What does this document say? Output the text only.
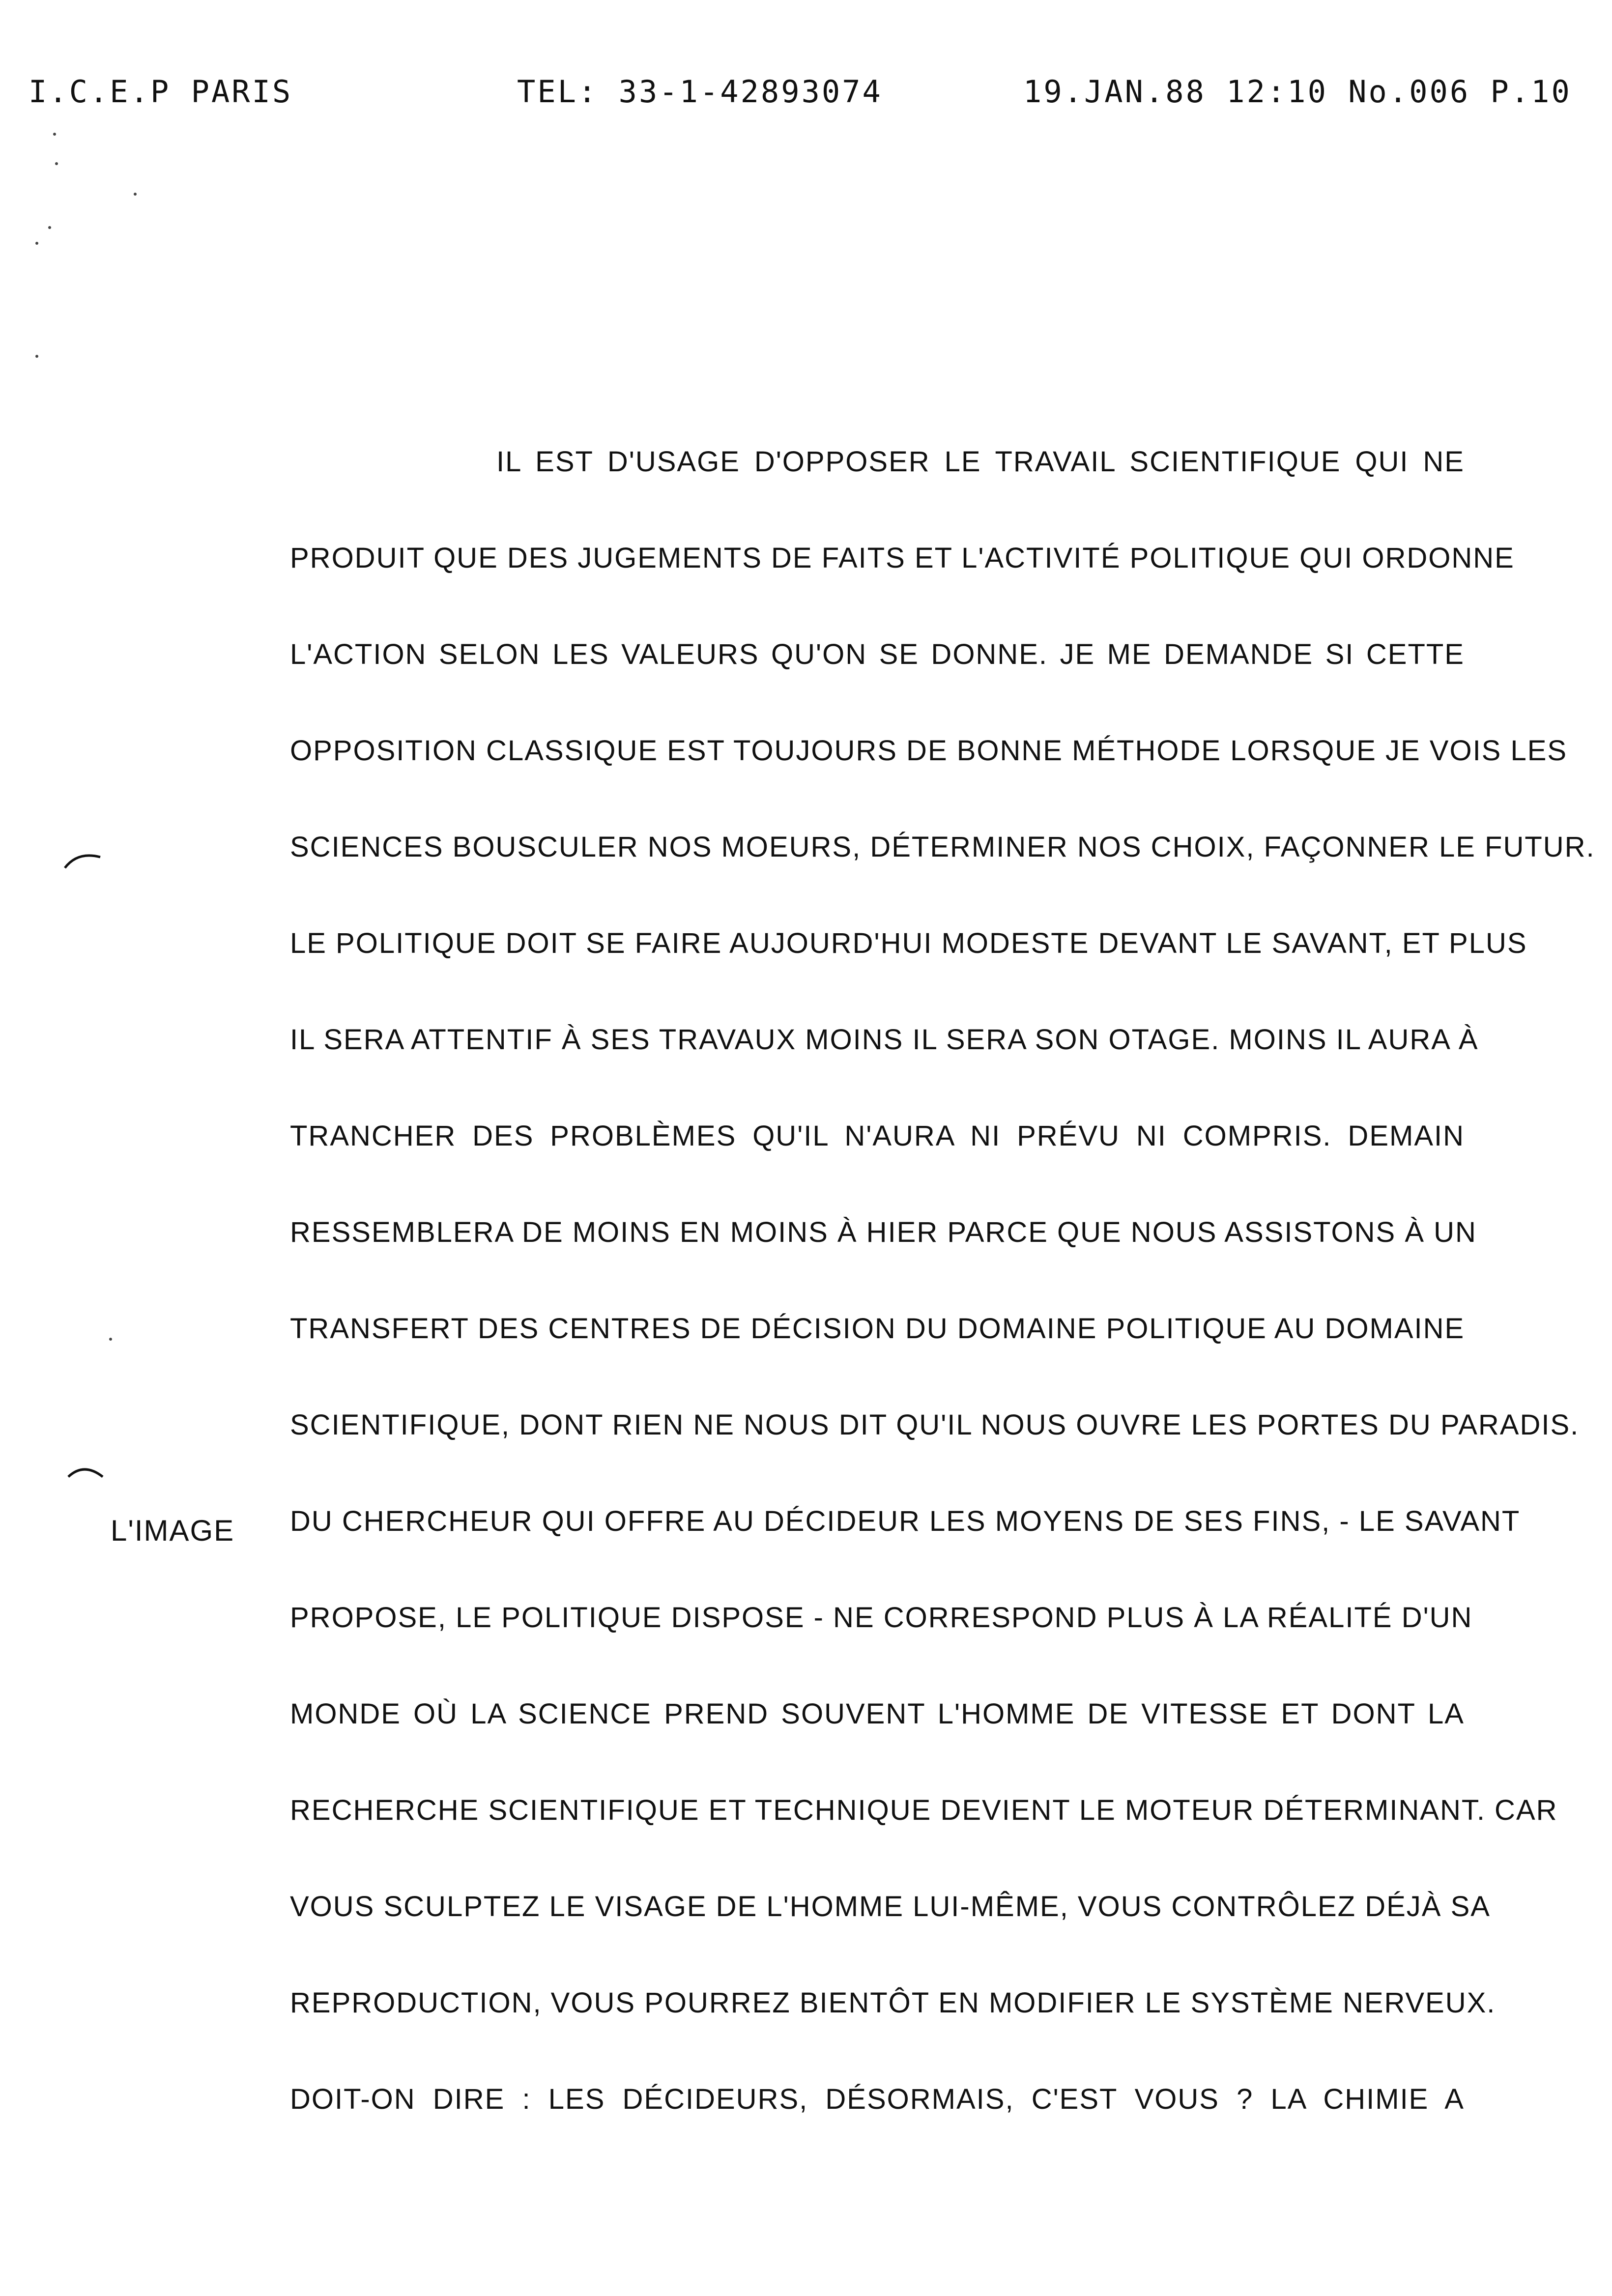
I.C.E.P PARIS	TEL: 33-1-42893074	19.JAN.88 12:10 No.006 P.10
L'IMAGE
IL EST D'USAGE D'OPPOSER LE TRAVAIL SCIENTIFIQUE QUI NE
PRODUIT QUE DES JUGEMENTS DE FAITS ET L'ACTIVITÉ POLITIQUE QUI ORDONNE
L'ACTION SELON LES VALEURS QU'ON SE DONNE. JE ME DEMANDE SI CETTE
OPPOSITION CLASSIQUE EST TOUJOURS DE BONNE MÉTHODE LORSQUE JE VOIS LES
SCIENCES BOUSCULER NOS MOEURS, DÉTERMINER NOS CHOIX, FAÇONNER LE FUTUR.
LE POLITIQUE DOIT SE FAIRE AUJOURD'HUI MODESTE DEVANT LE SAVANT, ET PLUS
IL SERA ATTENTIF À SES TRAVAUX MOINS IL SERA SON OTAGE. MOINS IL AURA À
TRANCHER DES PROBLÈMES QU'IL N'AURA NI PRÉVU NI COMPRIS. DEMAIN
RESSEMBLERA DE MOINS EN MOINS À HIER PARCE QUE NOUS ASSISTONS À UN
TRANSFERT DES CENTRES DE DÉCISION DU DOMAINE POLITIQUE AU DOMAINE
SCIENTIFIQUE, DONT RIEN NE NOUS DIT QU'IL NOUS OUVRE LES PORTES DU PARADIS.
DU CHERCHEUR QUI OFFRE AU DÉCIDEUR LES MOYENS DE SES FINS, - LE SAVANT
PROPOSE, LE POLITIQUE DISPOSE - NE CORRESPOND PLUS À LA RÉALITÉ D'UN
MONDE OÙ LA SCIENCE PREND SOUVENT L'HOMME DE VITESSE ET DONT LA
RECHERCHE SCIENTIFIQUE ET TECHNIQUE DEVIENT LE MOTEUR DÉTERMINANT. CAR
VOUS SCULPTEZ LE VISAGE DE L'HOMME LUI-MÊME, VOUS CONTRÔLEZ DÉJÀ SA
REPRODUCTION, VOUS POURREZ BIENTÔT EN MODIFIER LE SYSTÈME NERVEUX.
DOIT-ON DIRE : LES DÉCIDEURS, DÉSORMAIS, C'EST VOUS ? LA CHIMIE A
